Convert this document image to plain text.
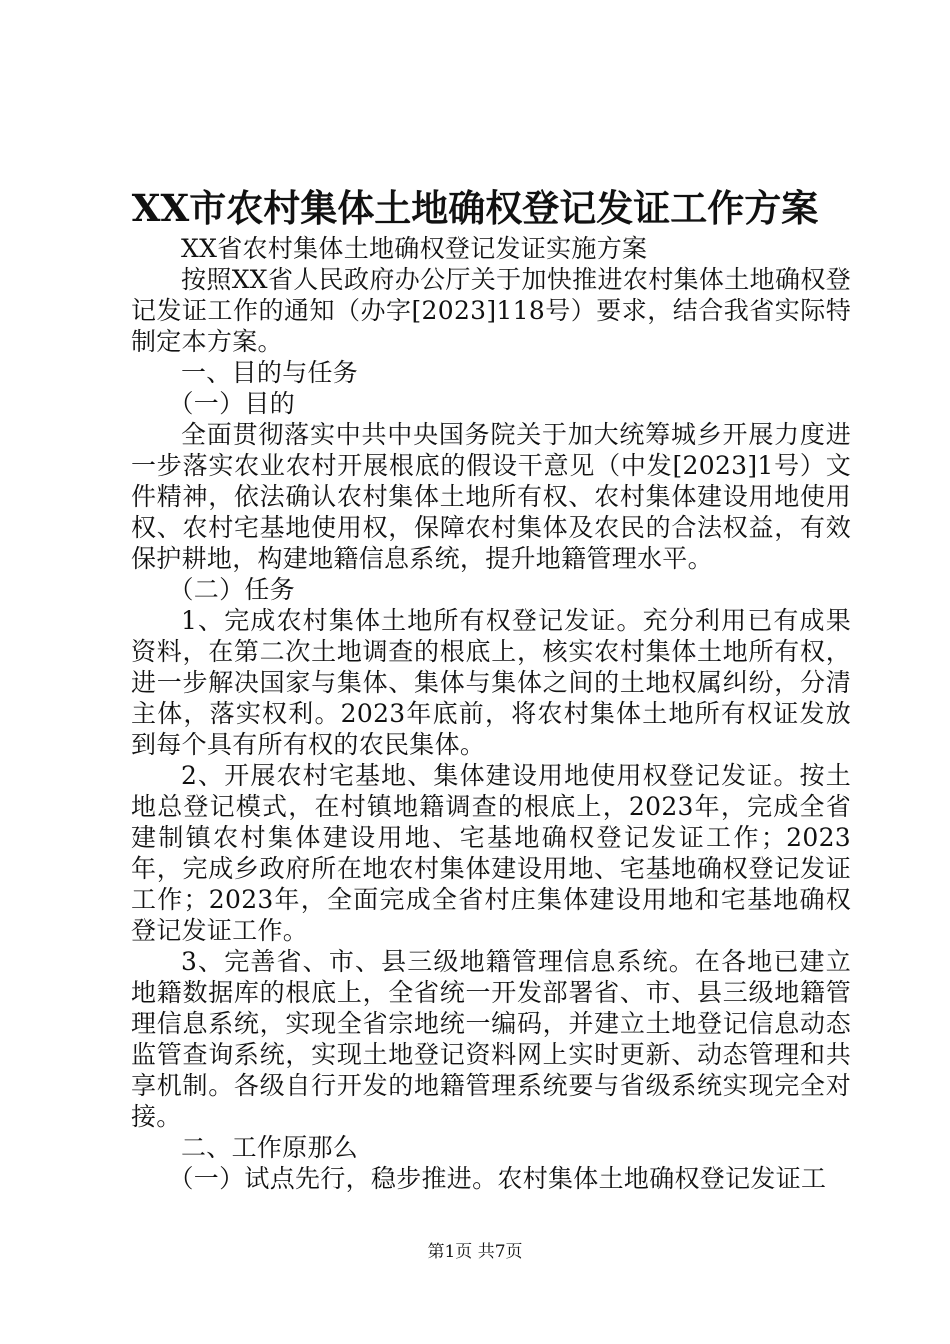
XX市农村集体土地确权登记发证工作方案

XX省农村集体土地确权登记发证实施方案

按照XX省人民政府办公厅关于加快推进农村集体土地确权登记发证工作的通知（办字[2023]118号）要求，结合我省实际特制定本方案。

一、目的与任务

（一）目的

全面贯彻落实中共中央国务院关于加大统筹城乡开展力度进一步落实农业农村开展根底的假设干意见（中发[2023]1号）文件精神，依法确认农村集体土地所有权、农村集体建设用地使用权、农村宅基地使用权，保障农村集体及农民的合法权益，有效保护耕地，构建地籍信息系统，提升地籍管理水平。

（二）任务

1、完成农村集体土地所有权登记发证。充分利用已有成果资料，在第二次土地调查的根底上，核实农村集体土地所有权，进一步解决国家与集体、集体与集体之间的土地权属纠纷，分清主体，落实权利。2023年底前，将农村集体土地所有权证发放到每个具有所有权的农民集体。

2、开展农村宅基地、集体建设用地使用权登记发证。按土地总登记模式，在村镇地籍调查的根底上，2023年，完成全省建制镇农村集体建设用地、宅基地确权登记发证工作；2023年，完成乡政府所在地农村集体建设用地、宅基地确权登记发证工作；2023年，全面完成全省村庄集体建设用地和宅基地确权登记发证工作。

3、完善省、市、县三级地籍管理信息系统。在各地已建立地籍数据库的根底上，全省统一开发部署省、市、县三级地籍管理信息系统，实现全省宗地统一编码，并建立土地登记信息动态监管查询系统，实现土地登记资料网上实时更新、动态管理和共享机制。各级自行开发的地籍管理系统要与省级系统实现完全对接。

二、工作原那么

（一）试点先行，稳步推进。农村集体土地确权登记发证工

第1页 共7页
